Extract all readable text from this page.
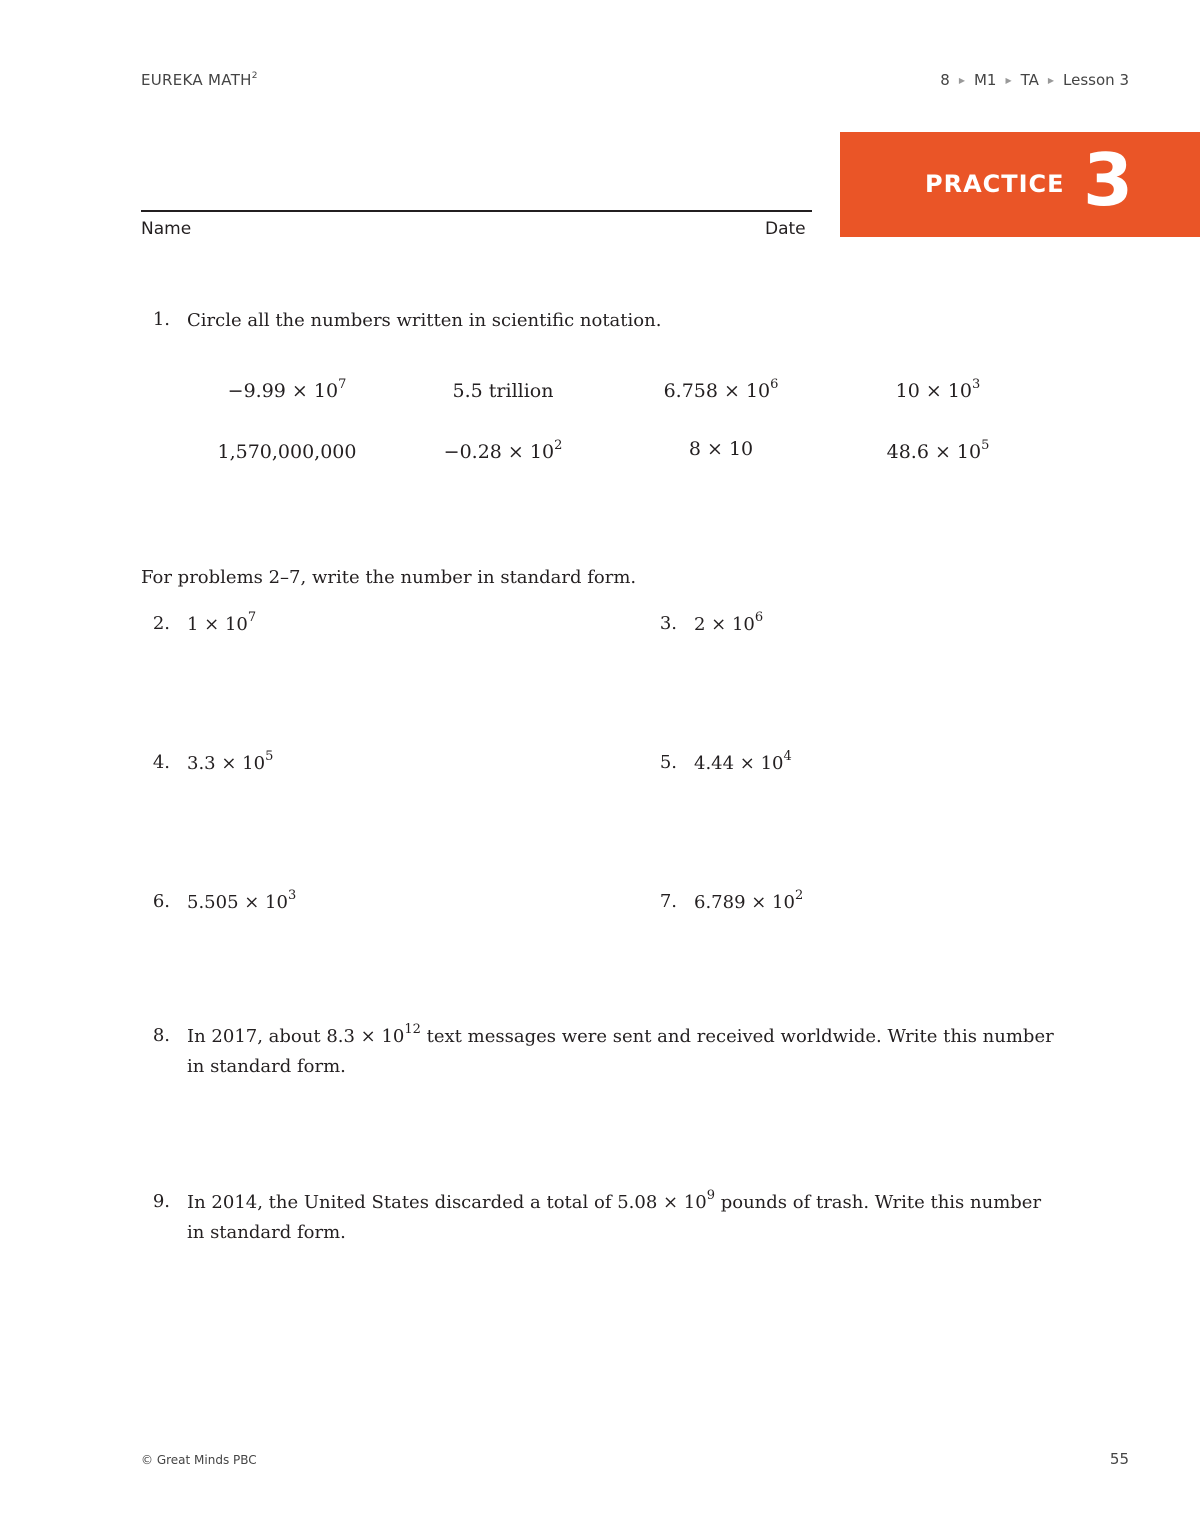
EUREKA MATH$^2$	8 ▶ M1 ▶ TA ▶ Lesson 3
PRACTICE 3
Name	Date
1. Circle all the numbers written in scientific notation.
$-9.99 \times 10^7$	5.5 trillion	$6.758 \times 10^6$	$10 \times 10^3$
1,570,000,000	$-0.28 \times 10^2$	8 × 10	$48.6 \times 10^5$
For problems 2–7, write the number in standard form.
2. $1 \times 10^7$	3. $2 \times 10^6$
4. $3.3 \times 10^5$	5. $4.44 \times 10^4$
6. $5.505 \times 10^3$	7. $6.789 \times 10^2$
8. In 2017, about $8.3 \times 10^{12}$ text messages were sent and received worldwide. Write this number
in standard form.
9. In 2014, the United States discarded a total of $5.08 \times 10^9$ pounds of trash. Write this number
in standard form.
© Great Minds PBC	55
